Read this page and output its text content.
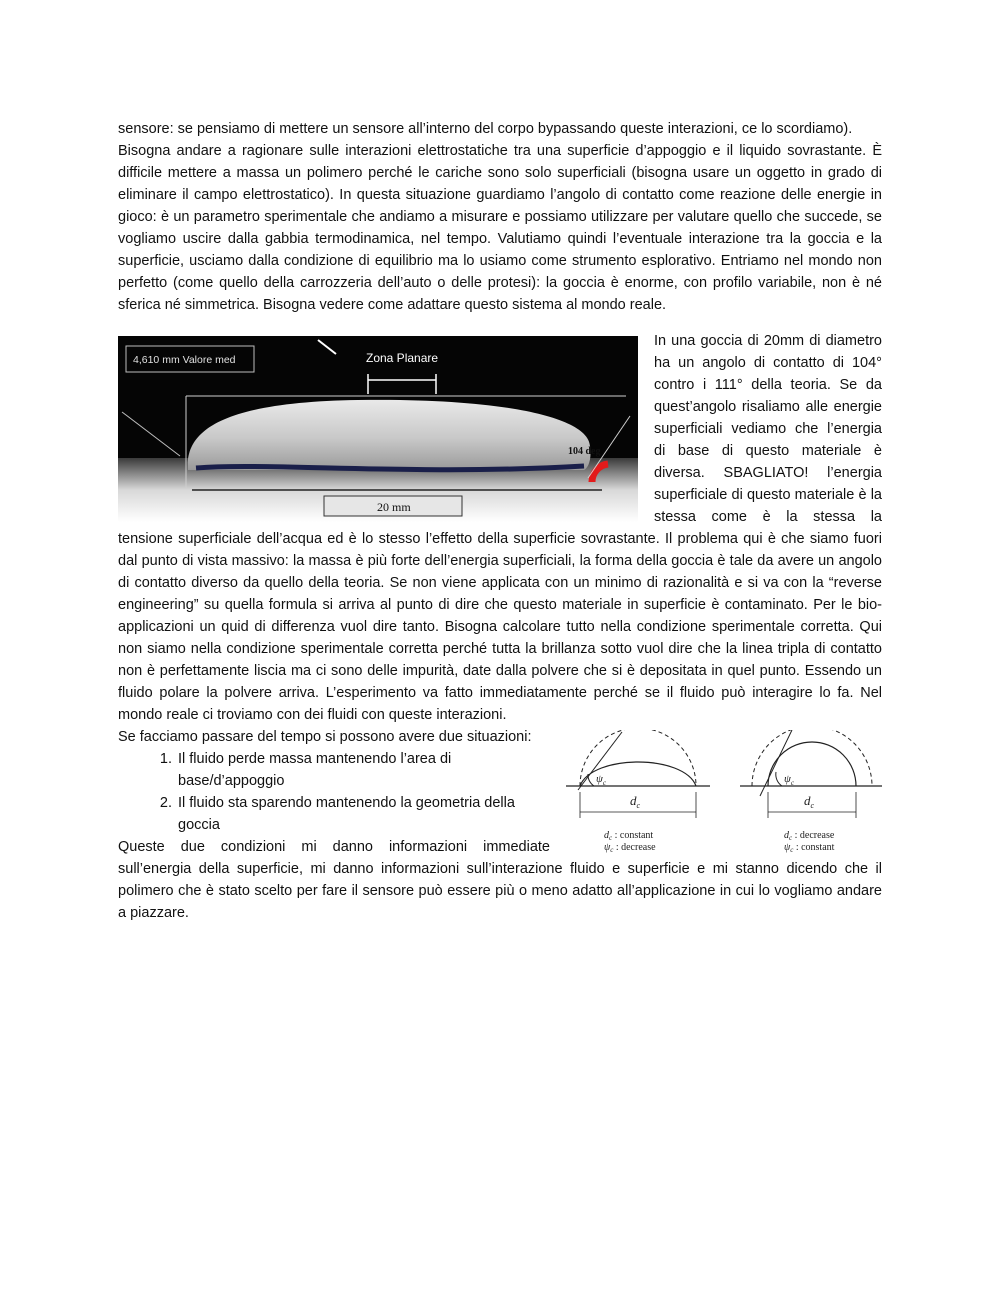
sensore: se pensiamo di mettere un sensore all’interno del corpo bypassando queste interazioni, ce lo scordiamo).

Bisogna andare a ragionare sulle interazioni elettrostatiche tra una superficie d’appoggio e il liquido sovrastante. È difficile mettere a massa un polimero perché le cariche sono solo superficiali (bisogna usare un oggetto in grado di eliminare il campo elettrostatico). In questa situazione guardiamo l’angolo di contatto come reazione delle energie in gioco: è un parametro sperimentale che andiamo a misurare e possiamo utilizzare per valutare quello che succede, se vogliamo uscire dalla gabbia termodinamica, nel tempo. Valutiamo quindi l’eventuale interazione tra la goccia e la superficie, usciamo dalla condizione di equilibrio ma lo usiamo come strumento esplorativo. Entriamo nel mondo non perfetto (come quello della carrozzeria dell’auto o delle protesi): la goccia è enorme, con profilo variabile, non è né sferica né simmetrica. Bisogna vedere come adattare questo sistema al mondo reale.

4,610 mm Valore med	Zona Planare
104 deg
20 mm

In una goccia di 20mm di diametro ha un angolo di contatto di 104° contro i 111° della teoria. Se da quest’angolo risaliamo alle energie superficiali vediamo che l’energia di base di questo materiale è diversa. SBAGLIATO! l’energia superficiale di questo materiale è la stessa come è la stessa la tensione superficiale dell’acqua ed è lo stesso l’effetto della superficie sovrastante. Il problema qui è che siamo fuori dal punto di vista massivo: la massa è più forte dell’energia superficiali, la forma della goccia è tale da avere un angolo di contatto diverso da quello della teoria. Se non viene applicata con un minimo di razionalità e si va con la “reverse engineering” su quella formula si arriva al punto di dire che questo materiale in superficie è contaminato. Per le bio-applicazioni un quid di differenza vuol dire tanto. Bisogna calcolare tutto nella condizione sperimentale corretta. Qui non siamo nella condizione sperimentale corretta perché tutta la brillanza sotto vuol dire che la linea tripla di contatto non è perfettamente liscia ma ci sono delle impurità, date dalla polvere che si è depositata in quel punto. Essendo un fluido polare la polvere arriva. L’esperimento va fatto immediatamente perché se il fluido può interagire lo fa. Nel mondo reale ci troviamo con dei fluidi con queste interazioni.

$\psi_c$
$d_c$
$d_c$ : constant
$\psi_c$ : decrease
$\psi_c$
$d_c$
$d_c$ : decrease
$\psi_c$ : constant

Se facciamo passare del tempo si possono avere due situazioni:

1. Il fluido perde massa mantenendo l’area di base/d’appoggio
2. Il fluido sta sparendo mantenendo la geometria della goccia

Queste due condizioni mi danno informazioni immediate sull’energia della superficie, mi danno informazioni sull’interazione fluido e superficie e mi stanno dicendo che il polimero che è stato scelto per fare il sensore può essere più o meno adatto all’applicazione in cui lo vogliamo andare a piazzare.
